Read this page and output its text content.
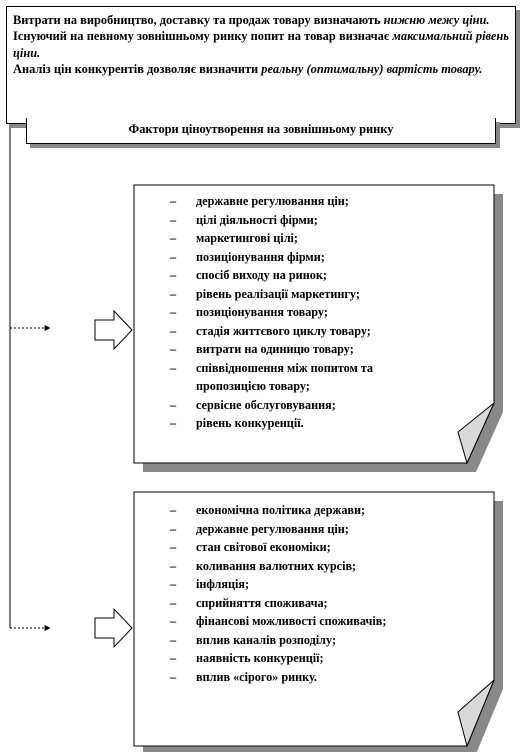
Витрати на виробництво, доставку та продаж товару визначають нижню межу ціни.

Існуючий на певному зовнішньому ринку попит на товар визначає максимальний рівень ціни.

Аналіз цін конкурентів дозволяє визначити реальну (оптимальну) вартість товару.

Фактори ціноутворення на зовнішньому ринку
– державне регулювання цін;
– цілі діяльності фірми;
– маркетингові цілі;
– позиціонування фірми;
– спосіб виходу на ринок;
– рівень реалізації маркетингу;
– позиціонування товару;
– стадія життєвого циклу товару;
– витрати на одиницю товару;
– співвідношення між попитом та пропозицією товару;
– сервісне обслуговування;
– рівень конкуренції.
– економічна політика держави;
– державне регулювання цін;
– стан світової економіки;
– коливання валютних курсів;
– інфляція;
– сприйняття споживача;
– фінансові можливості споживачів;
– вплив каналів розподілу;
– наявність конкуренції;
– вплив «сірого» ринку.
